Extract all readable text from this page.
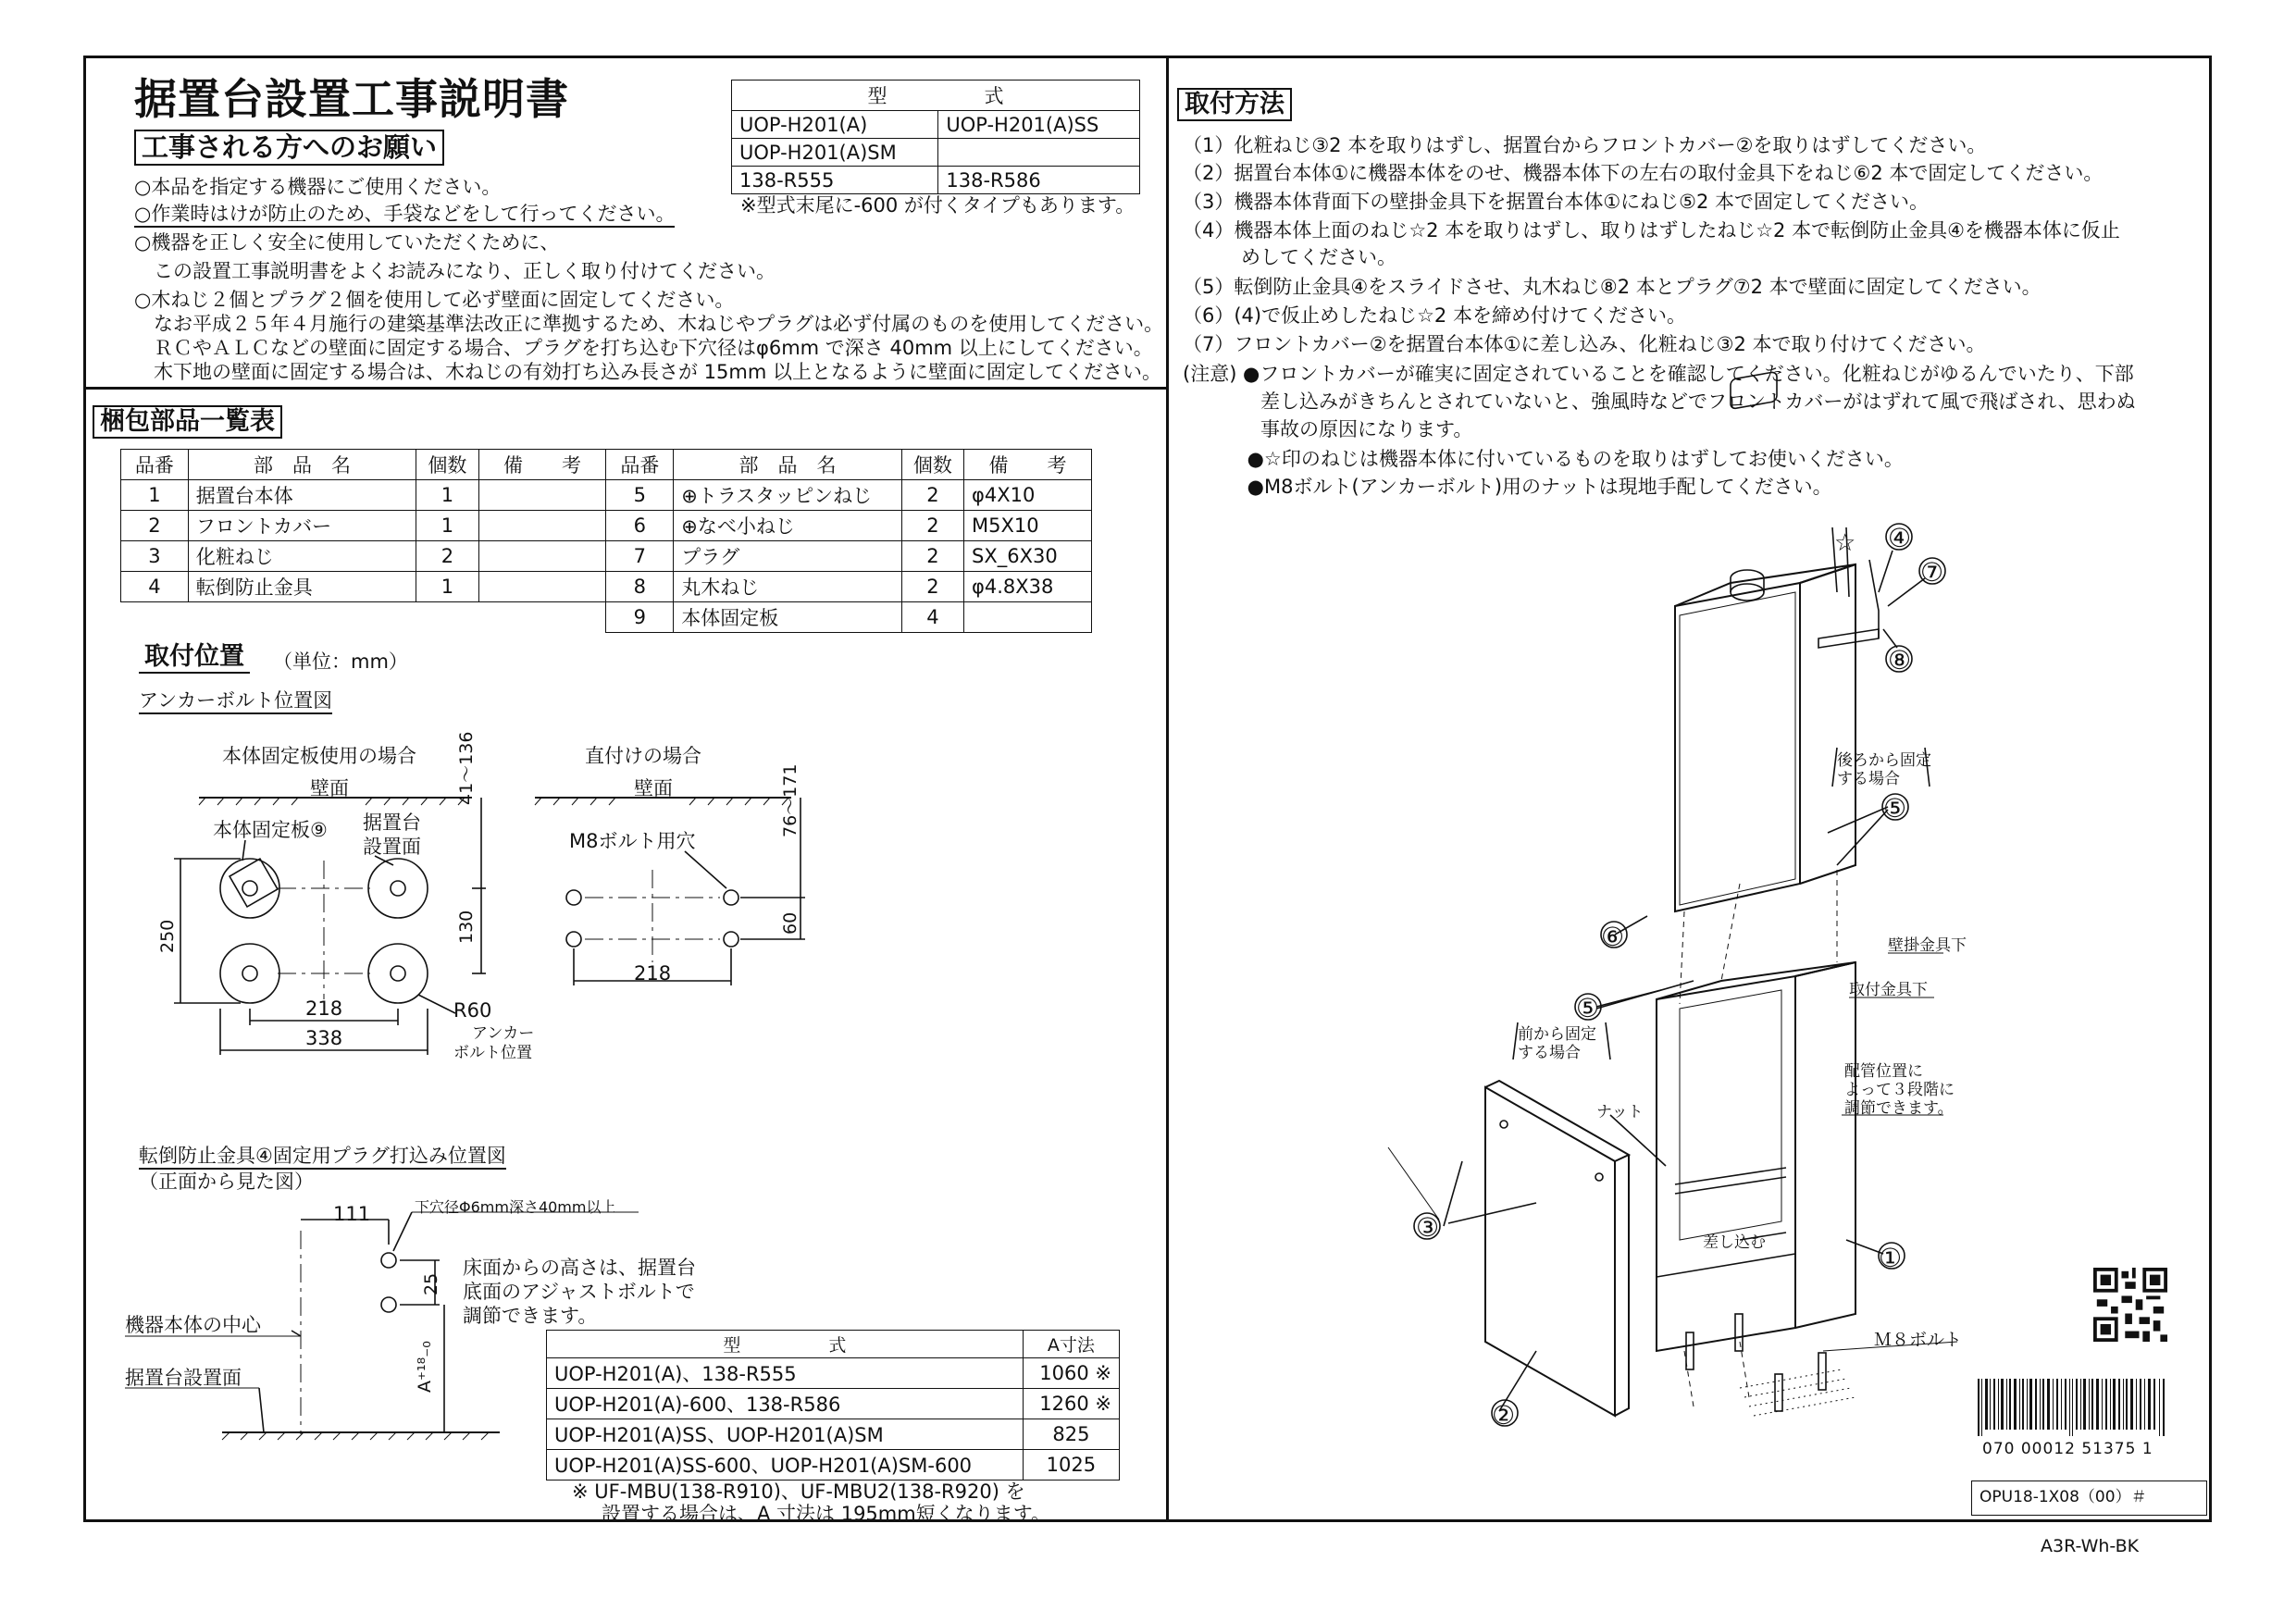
据置台設置工事説明書
工事される方へのお願い
○本品を指定する機器にご使用ください。
○作業時はけが防止のため、手袋などをして行ってください。
○機器を正しく安全に使用していただくために、
　この設置工事説明書をよくお読みになり、正しく取り付けてください。
○木ねじ２個とプラグ２個を使用して必ず壁面に固定してください。
　なお平成２５年４月施行の建築基準法改正に準拠するため、木ねじやプラグは必ず付属のものを使用してください。
　ＲＣやＡＬＣなどの壁面に固定する場合、プラグを打ち込む下穴径はφ6mm で深さ 40mm 以上にしてください。
　木下地の壁面に固定する場合は、木ねじの有効打ち込み長さが 15mm 以上となるように壁面に固定してください。
型　　　　　式	
UOP-H201(A)	UOP-H201(A)SS
UOP-H201(A)SM	
138-R555	138-R586
※型式末尾に-600 が付くタイプもあります。
梱包部品一覧表
品番	部　品　名	個数	備　　考	品番	部　品　名	個数	備　　考
1	据置台本体	1		5	⊕トラスタッピンねじ	2	φ4X10
2	フロントカバー	1		6	⊕なべ小ねじ	2	M5X10
3	化粧ねじ	2		7	プラグ	2	SX_6X30
4	転倒防止金具	1		8	丸木ねじ	2	φ4.8X38
				9	本体固定板	4	
取付位置 （単位：mm）
アンカーボルト位置図
本体固定板使用の場合	直付けの場合
壁面	壁面
本体固定板⑨ 据置台
設置面	M8ボルト用穴
R60
アンカー
ボルト位置
41～136
130
250
218
338
76～171
60
218
転倒防止金具④固定用プラグ打込み位置図
（正面から見た図）
111	下穴径Φ6mm深さ40mm以上
25
A⁺¹⁸₋₀
機器本体の中心
据置台設置面
床面からの高さは、据置台
底面のアジャストボルトで
調節できます。
型　　　　　式	A寸法
UOP-H201(A)、138-R555	1060 ※
UOP-H201(A)-600、138-R586	1260 ※
UOP-H201(A)SS、UOP-H201(A)SM	825
UOP-H201(A)SS-600、UOP-H201(A)SM-600	1025
※ UF-MBU(138-R910)、UF-MBU2(138-R920) を
設置する場合は、A 寸法は 195mm短くなります。
取付方法
（1）化粧ねじ③2 本を取りはずし、据置台からフロントカバー②を取りはずしてください。
（2）据置台本体①に機器本体をのせ、機器本体下の左右の取付金具下をねじ⑥2 本で固定してください。
（3）機器本体背面下の壁掛金具下を据置台本体①にねじ⑤2 本で固定してください。
（4）機器本体上面のねじ☆2 本を取りはずし、取りはずしたねじ☆2 本で転倒防止金具④を機器本体に仮止
　　　めしてください。
（5）転倒防止金具④をスライドさせ、丸木ねじ⑧2 本とプラグ⑦2 本で壁面に固定してください。
（6）(4)で仮止めしたねじ☆2 本を締め付けてください。
（7）フロントカバー②を据置台本体①に差し込み、化粧ねじ③2 本で取り付けてください。
(注意) ●フロントカバーが確実に固定されていることを確認してください。化粧ねじがゆるんでいたり、下部
　　　　差し込みがきちんとされていないと、強風時などでフロントカバーがはずれて風で飛ばされ、思わぬ
　　　　事故の原因になります。
　　　 ●☆印のねじは機器本体に付いているものを取りはずしてお使いください。
　　　 ●M8ボルト(アンカーボルト)用のナットは現地手配してください。
☆ ④
⑦
⑧
後ろから固定
する場合
⑤
⑥	壁掛金具下
取付金具下
⑤
前から固定
する場合
配管位置に
よって３段階に
調節できます。
ナット
③	差し込む	①
Ｍ８ボルト
②
070 00012 51375 1
OPU18-1X08（00）＃
A3R-Wh-BK
